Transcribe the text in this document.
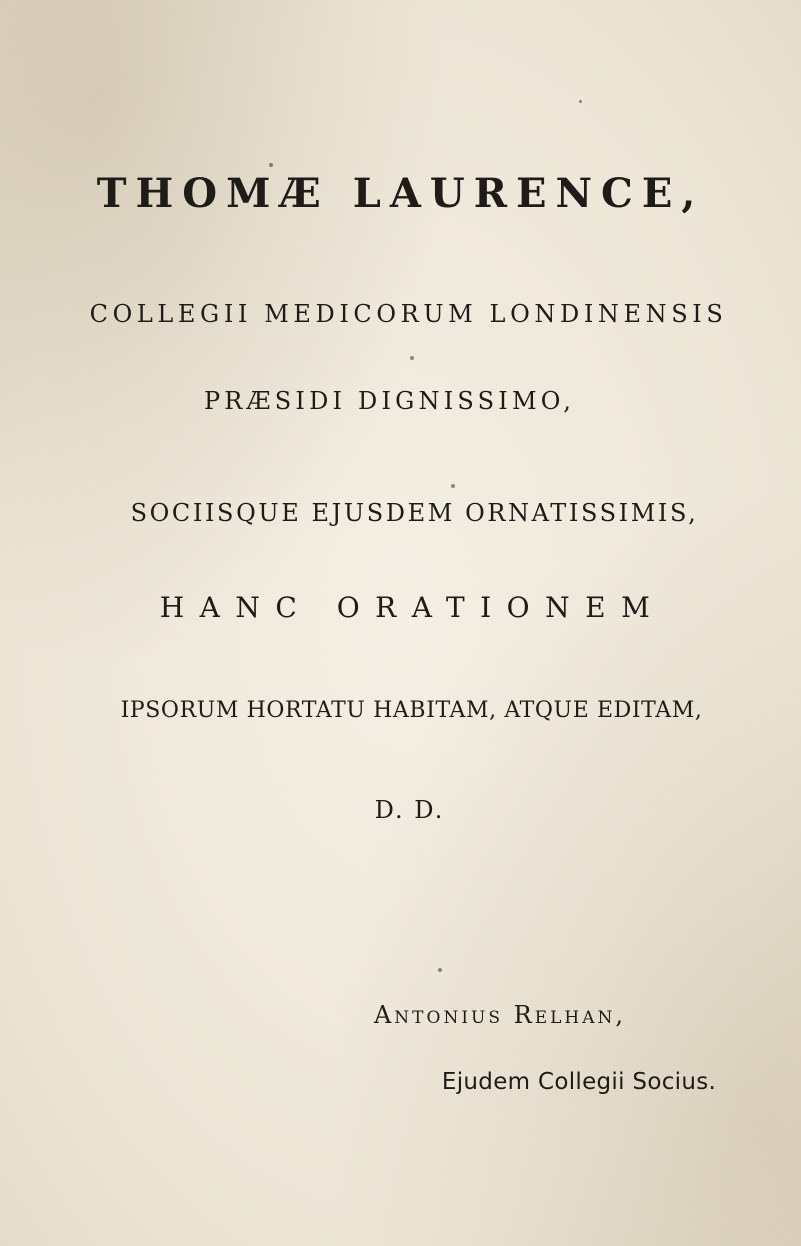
THOMÆ LAURENCE,
COLLEGII MEDICORUM LONDINENSIS
PRÆSIDI DIGNISSIMO,
SOCIISQUE EJUSDEM ORNATISSIMIS,
HANC ORATIONEM
IPSORUM HORTATU HABITAM, ATQUE EDITAM,
D. D.
Antonius Relhan,
Ejudem Collegii Socius.
